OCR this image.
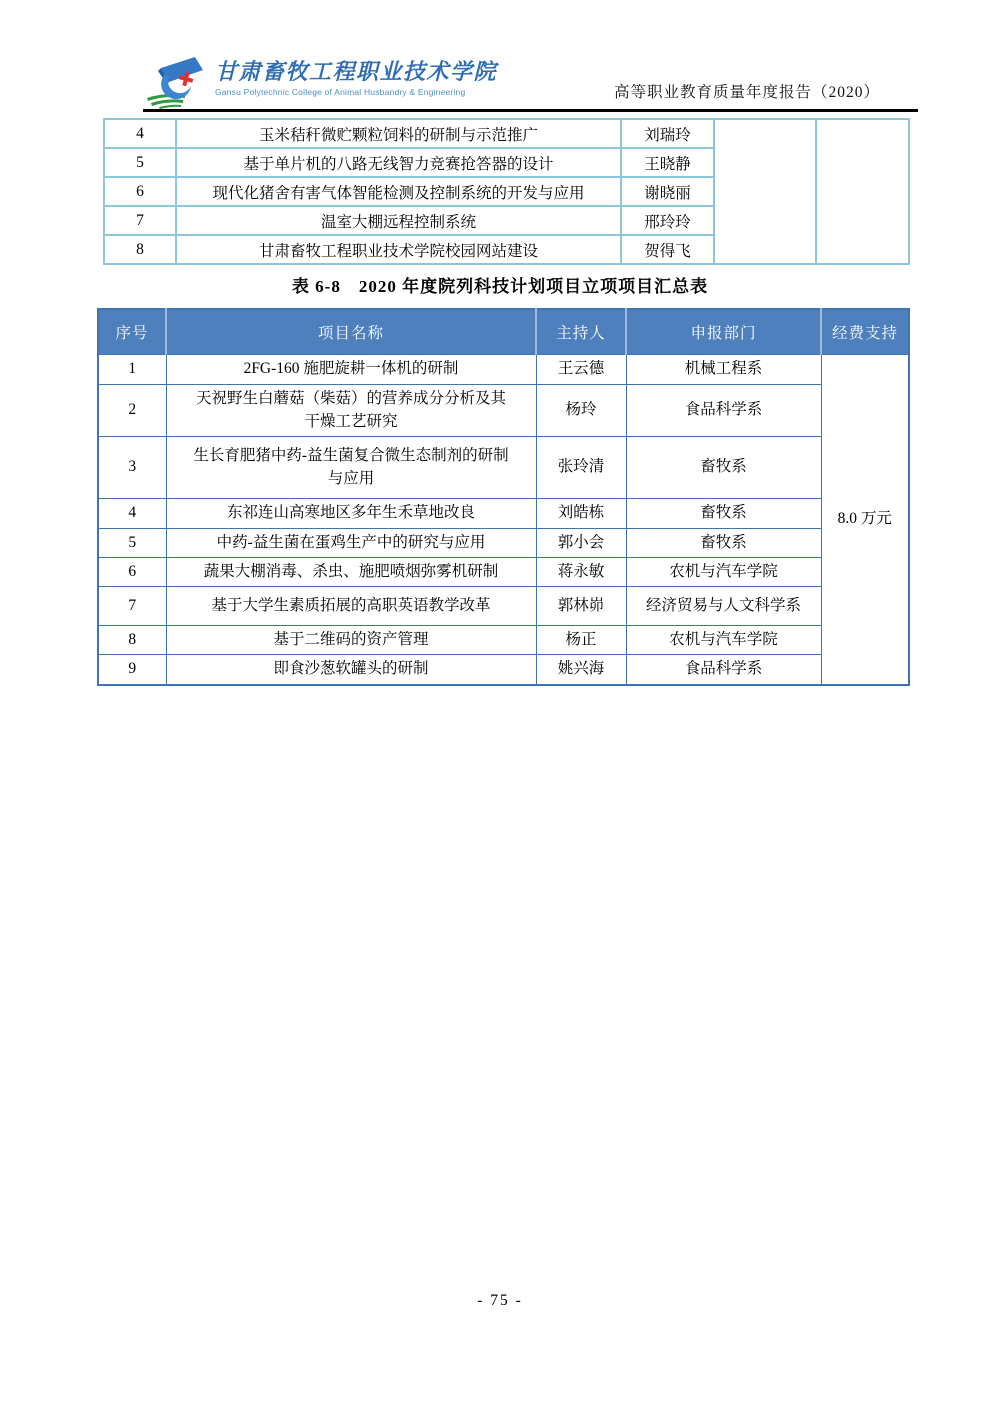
甘肃畜牧工程职业技术学院
Gansu Polytechnic College of Animal Husbandry & Engineering	高等职业教育质量年度报告（2020）
4	玉米秸秆微贮颗粒饲料的研制与示范推广	刘瑞玲		
5	基于单片机的八路无线智力竞赛抢答器的设计	王晓静		
6	现代化猪舍有害气体智能检测及控制系统的开发与应用	谢晓丽		
7	温室大棚远程控制系统	邢玲玲		
8	甘肃畜牧工程职业技术学院校园网站建设	贺得飞		
表 6-8　2020 年度院列科技计划项目立项项目汇总表
序号	项目名称	主持人	申报部门	经费支持
1	2FG-160 施肥旋耕一体机的研制	王云德	机械工程系	8.0 万元
2	天祝野生白蘑菇（柴菇）的营养成分分析及其干燥工艺研究	杨玲	食品科学系	
3	生长育肥猪中药-益生菌复合微生态制剂的研制与应用	张玲清	畜牧系	
4	东祁连山高寒地区多年生禾草地改良	刘皓栋	畜牧系	
5	中药-益生菌在蛋鸡生产中的研究与应用	郭小会	畜牧系	
6	蔬果大棚消毒、杀虫、施肥喷烟弥雾机研制	蒋永敏	农机与汽车学院	
7	基于大学生素质拓展的高职英语教学改革	郭林峁	经济贸易与人文科学系	
8	基于二维码的资产管理	杨正	农机与汽车学院	
9	即食沙葱软罐头的研制	姚兴海	食品科学系	
- 75 -
